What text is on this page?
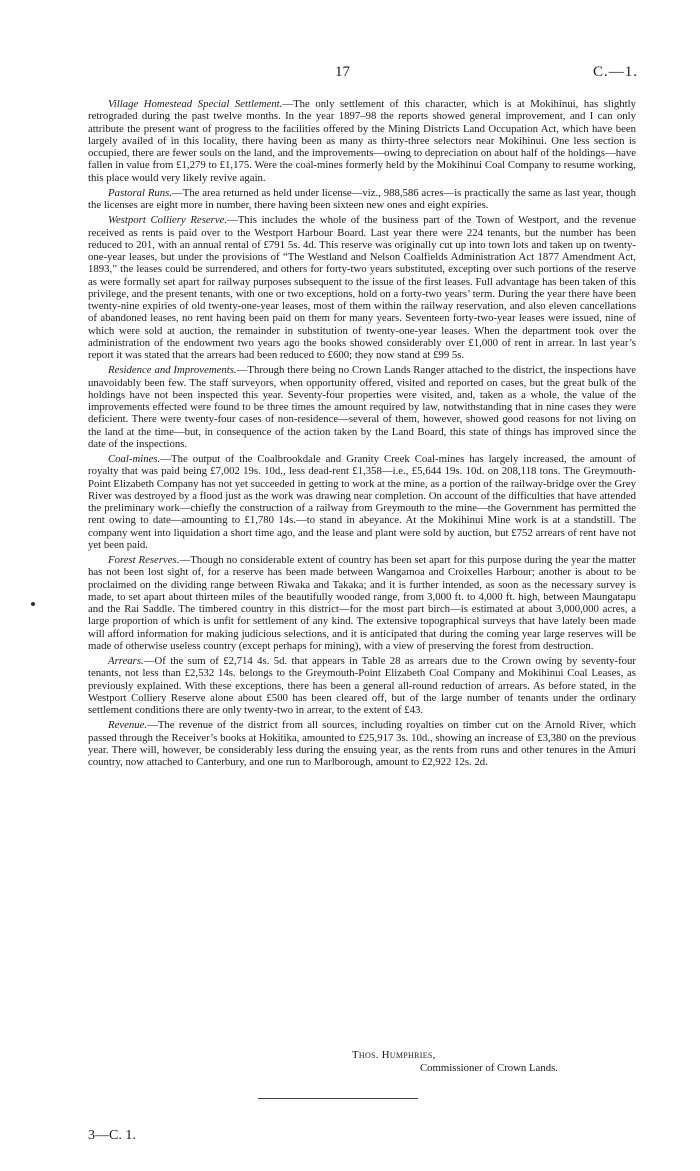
17	C.—1.

Village Homestead Special Settlement.—The only settlement of this character, which is at Mokihinui, has slightly retrograded during the past twelve months. In the year 1897–98 the reports showed general improvement, and I can only attribute the present want of progress to the facilities offered by the Mining Districts Land Occupation Act, which have been largely availed of in this locality, there having been as many as thirty-three selectors near Mokihinui. One less section is occupied, there are fewer souls on the land, and the improvements—owing to depreciation on about half of the holdings—have fallen in value from £1,279 to £1,175. Were the coal-mines formerly held by the Mokihinui Coal Company to resume working, this place would very likely revive again.

Pastoral Runs.—The area returned as held under license—viz., 988,586 acres—is practically the same as last year, though the licenses are eight more in number, there having been sixteen new ones and eight expiries.

Westport Colliery Reserve.—This includes the whole of the business part of the Town of Westport, and the revenue received as rents is paid over to the Westport Harbour Board. Last year there were 224 tenants, but the number has been reduced to 201, with an annual rental of £791 5s. 4d. This reserve was originally cut up into town lots and taken up on twenty-one-year leases, but under the provisions of “The Westland and Nelson Coalfields Administration Act 1877 Amendment Act, 1893,” the leases could be surrendered, and others for forty-two years substituted, excepting over such portions of the reserve as were formally set apart for railway purposes subsequent to the issue of the first leases. Full advantage has been taken of this privilege, and the present tenants, with one or two exceptions, hold on a forty-two years’ term. During the year there have been twenty-nine expiries of old twenty-one-year leases, most of them within the railway reservation, and also eleven cancellations of abandoned leases, no rent having been paid on them for many years. Seventeen forty-two-year leases were issued, nine of which were sold at auction, the remainder in substitution of twenty-one-year leases. When the department took over the administration of the endowment two years ago the books showed considerably over £1,000 of rent in arrear. In last year’s report it was stated that the arrears had been reduced to £600; they now stand at £99 5s.

Residence and Improvements.—Through there being no Crown Lands Ranger attached to the district, the inspections have unavoidably been few. The staff surveyors, when opportunity offered, visited and reported on cases, but the great bulk of the holdings have not been inspected this year. Seventy-four properties were visited, and, taken as a whole, the value of the improvements effected were found to be three times the amount required by law, notwithstanding that in nine cases they were deficient. There were twenty-four cases of non-residence—several of them, however, showed good reasons for not living on the land at the time—but, in consequence of the action taken by the Land Board, this state of things has improved since the date of the inspections.

Coal-mines.—The output of the Coalbrookdale and Granity Creek Coal-mines has largely increased, the amount of royalty that was paid being £7,002 19s. 10d., less dead-rent £1,358—i.e., £5,644 19s. 10d. on 208,118 tons. The Greymouth-Point Elizabeth Company has not yet succeeded in getting to work at the mine, as a portion of the railway-bridge over the Grey River was destroyed by a flood just as the work was drawing near completion. On account of the difficulties that have attended the preliminary work—chiefly the construction of a railway from Greymouth to the mine—the Government has permitted the rent owing to date—amounting to £1,780 14s.—to stand in abeyance. At the Mokihinui Mine work is at a standstill. The company went into liquidation a short time ago, and the lease and plant were sold by auction, but £752 arrears of rent have not yet been paid.

Forest Reserves.—Though no considerable extent of country has been set apart for this purpose during the year the matter has not been lost sight of, for a reserve has been made between Wangamoa and Croixelles Harbour; another is about to be proclaimed on the dividing range between Riwaka and Takaka; and it is further intended, as soon as the necessary survey is made, to set apart about thirteen miles of the beautifully wooded range, from 3,000 ft. to 4,000 ft. high, between Maungatapu and the Rai Saddle. The timbered country in this district—for the most part birch—is estimated at about 3,000,000 acres, a large proportion of which is unfit for settlement of any kind. The extensive topographical surveys that have lately been made will afford information for making judicious selections, and it is anticipated that during the coming year large reserves will be made of otherwise useless country (except perhaps for mining), with a view of preserving the forest from destruction.

Arrears.—Of the sum of £2,714 4s. 5d. that appears in Table 28 as arrears due to the Crown owing by seventy-four tenants, not less than £2,532 14s. belongs to the Greymouth-Point Elizabeth Coal Company and Mokihinui Coal Leases, as previously explained. With these exceptions, there has been a general all-round reduction of arrears. As before stated, in the Westport Colliery Reserve alone about £500 has been cleared off, but of the large number of tenants under the ordinary settlement conditions there are only twenty-two in arrear, to the extent of £43.

Revenue.—The revenue of the district from all sources, including royalties on timber cut on the Arnold River, which passed through the Receiver’s books at Hokitika, amounted to £25,917 3s. 10d., showing an increase of £3,380 on the previous year. There will, however, be considerably less during the ensuing year, as the rents from runs and other tenures in the Amuri country, now attached to Canterbury, and one run to Marlborough, amount to £2,922 12s. 2d.

Thos. Humphries,
Commissioner of Crown Lands.
3—C. 1.
